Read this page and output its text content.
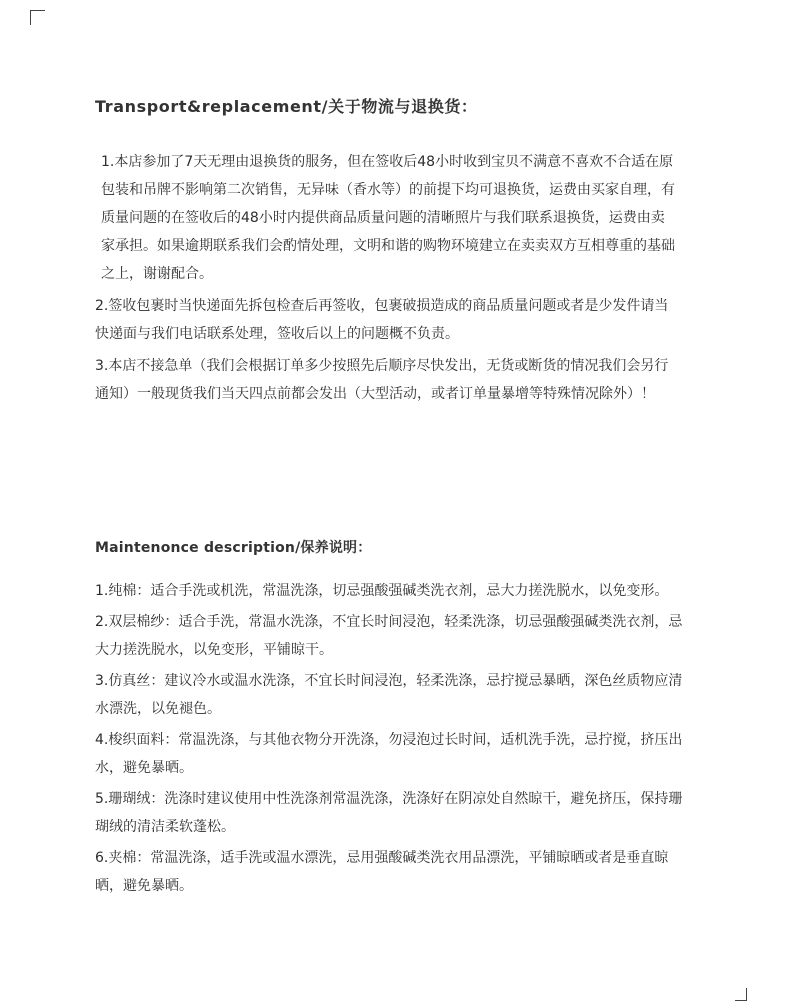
Transport&replacement/关于物流与退换货：

1.本店参加了7天无理由退换货的服务，但在签收后48小时收到宝贝不满意不喜欢不合适在原包装和吊牌不影响第二次销售，无异味（香水等）的前提下均可退换货，运费由买家自理，有质量问题的在签收后的48小时内提供商品质量问题的清晰照片与我们联系退换货，运费由卖家承担。如果逾期联系我们会酌情处理，文明和谐的购物环境建立在卖卖双方互相尊重的基础之上，谢谢配合。

2.签收包裹时当快递面先拆包检查后再签收，包裹破损造成的商品质量问题或者是少发件请当快递面与我们电话联系处理，签收后以上的问题概不负责。

3.本店不接急单（我们会根据订单多少按照先后顺序尽快发出，无货或断货的情况我们会另行通知）一般现货我们当天四点前都会发出（大型活动，或者订单量暴增等特殊情况除外）！

Maintenonce description/保养说明：

1.纯棉：适合手洗或机洗，常温洗涤，切忌强酸强碱类洗衣剂，忌大力搓洗脱水，以免变形。

2.双层棉纱：适合手洗，常温水洗涤，不宜长时间浸泡，轻柔洗涤，切忌强酸强碱类洗衣剂，忌大力搓洗脱水，以免变形，平铺晾干。

3.仿真丝：建议冷水或温水洗涤，不宜长时间浸泡，轻柔洗涤，忌拧搅忌暴晒，深色丝质物应清水漂洗，以免褪色。

4.梭织面料：常温洗涤，与其他衣物分开洗涤，勿浸泡过长时间，适机洗手洗，忌拧搅，挤压出水，避免暴晒。

5.珊瑚绒：洗涤时建议使用中性洗涤剂常温洗涤，洗涤好在阴凉处自然晾干，避免挤压，保持珊瑚绒的清洁柔软蓬松。

6.夹棉：常温洗涤，适手洗或温水漂洗，忌用强酸碱类洗衣用品漂洗，平铺晾晒或者是垂直晾晒，避免暴晒。
